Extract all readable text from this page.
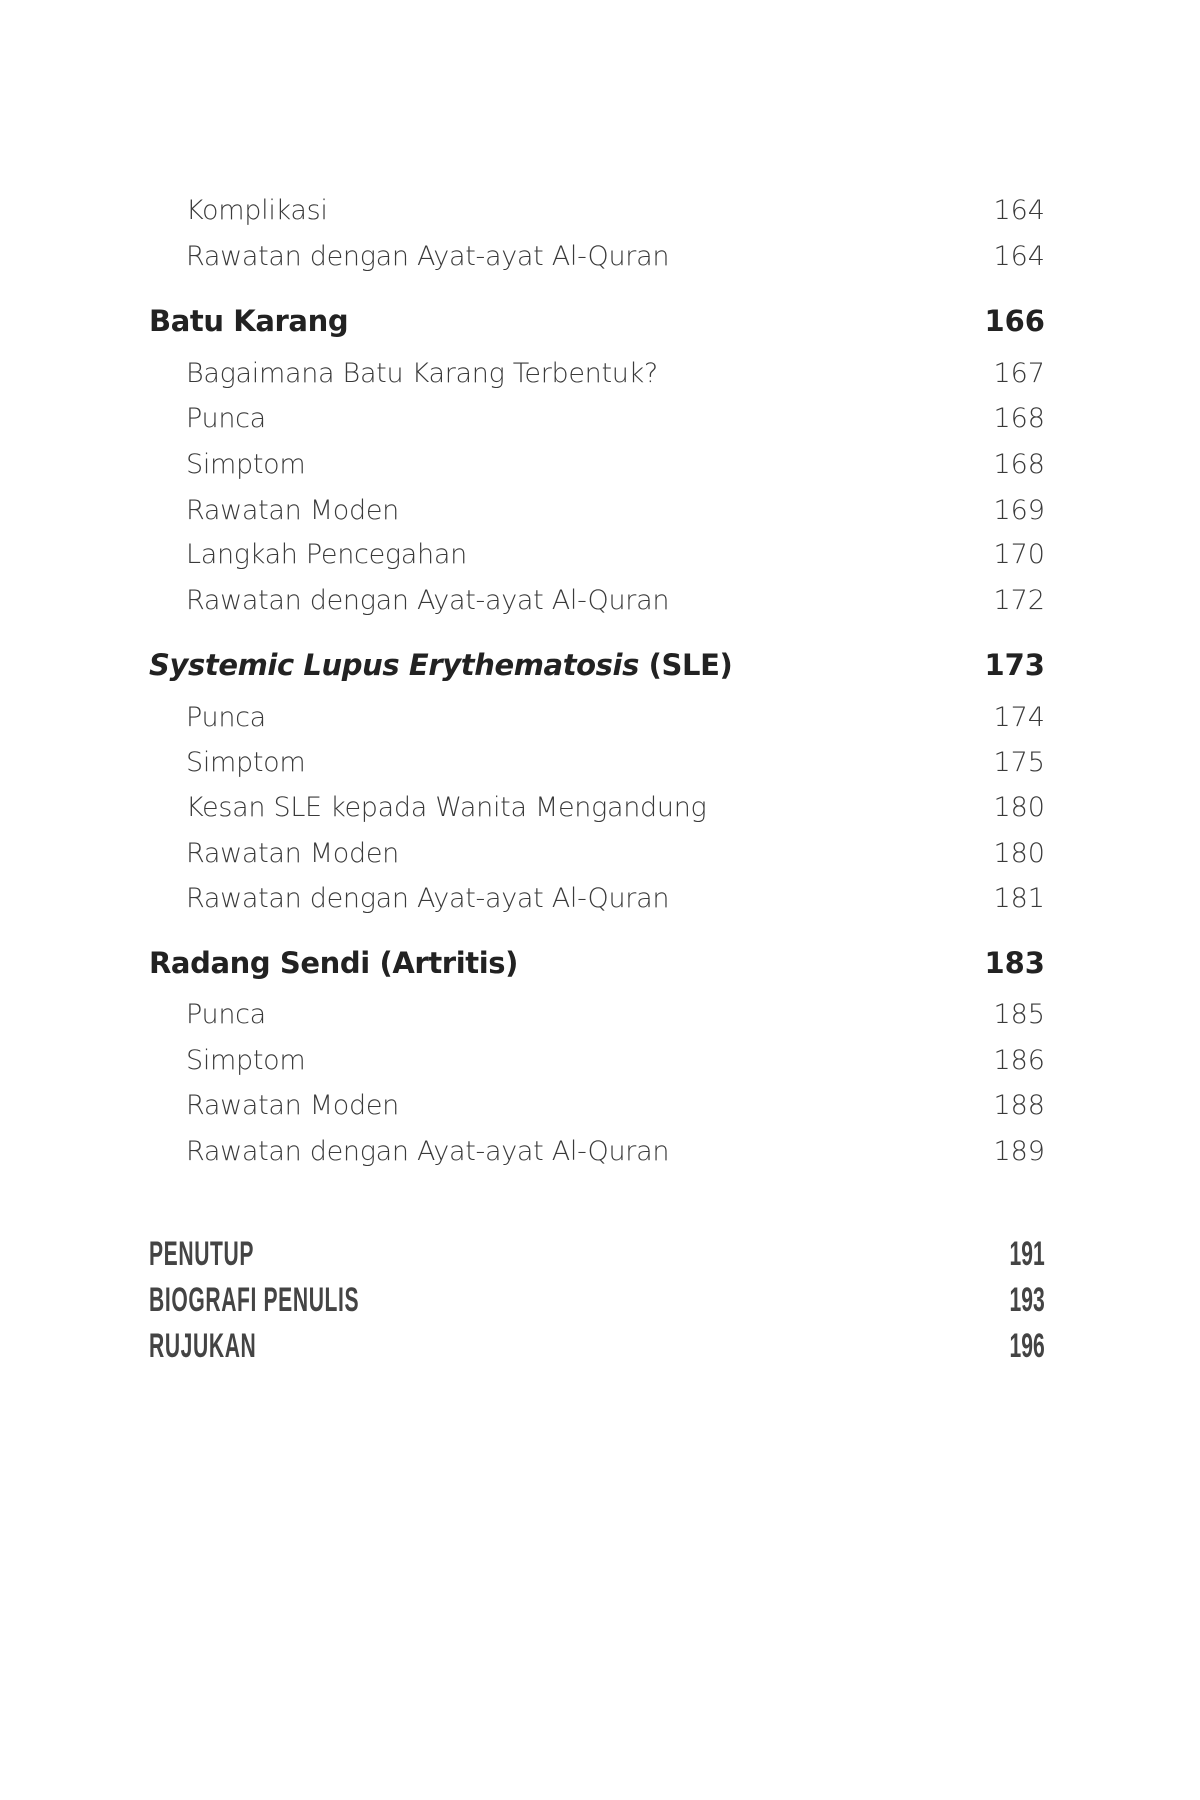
Komplikasi	164
Rawatan dengan Ayat-ayat Al-Quran	164
Batu Karang	166
Bagaimana Batu Karang Terbentuk?	167
Punca	168
Simptom	168
Rawatan Moden	169
Langkah Pencegahan	170
Rawatan dengan Ayat-ayat Al-Quran	172
Systemic Lupus Erythematosis (SLE)	173
Punca	174
Simptom	175
Kesan SLE kepada Wanita Mengandung	180
Rawatan Moden	180
Rawatan dengan Ayat-ayat Al-Quran	181
Radang Sendi (Artritis)	183
Punca	185
Simptom	186
Rawatan Moden	188
Rawatan dengan Ayat-ayat Al-Quran	189
PENUTUP	191
BIOGRAFI PENULIS	193
RUJUKAN	196
